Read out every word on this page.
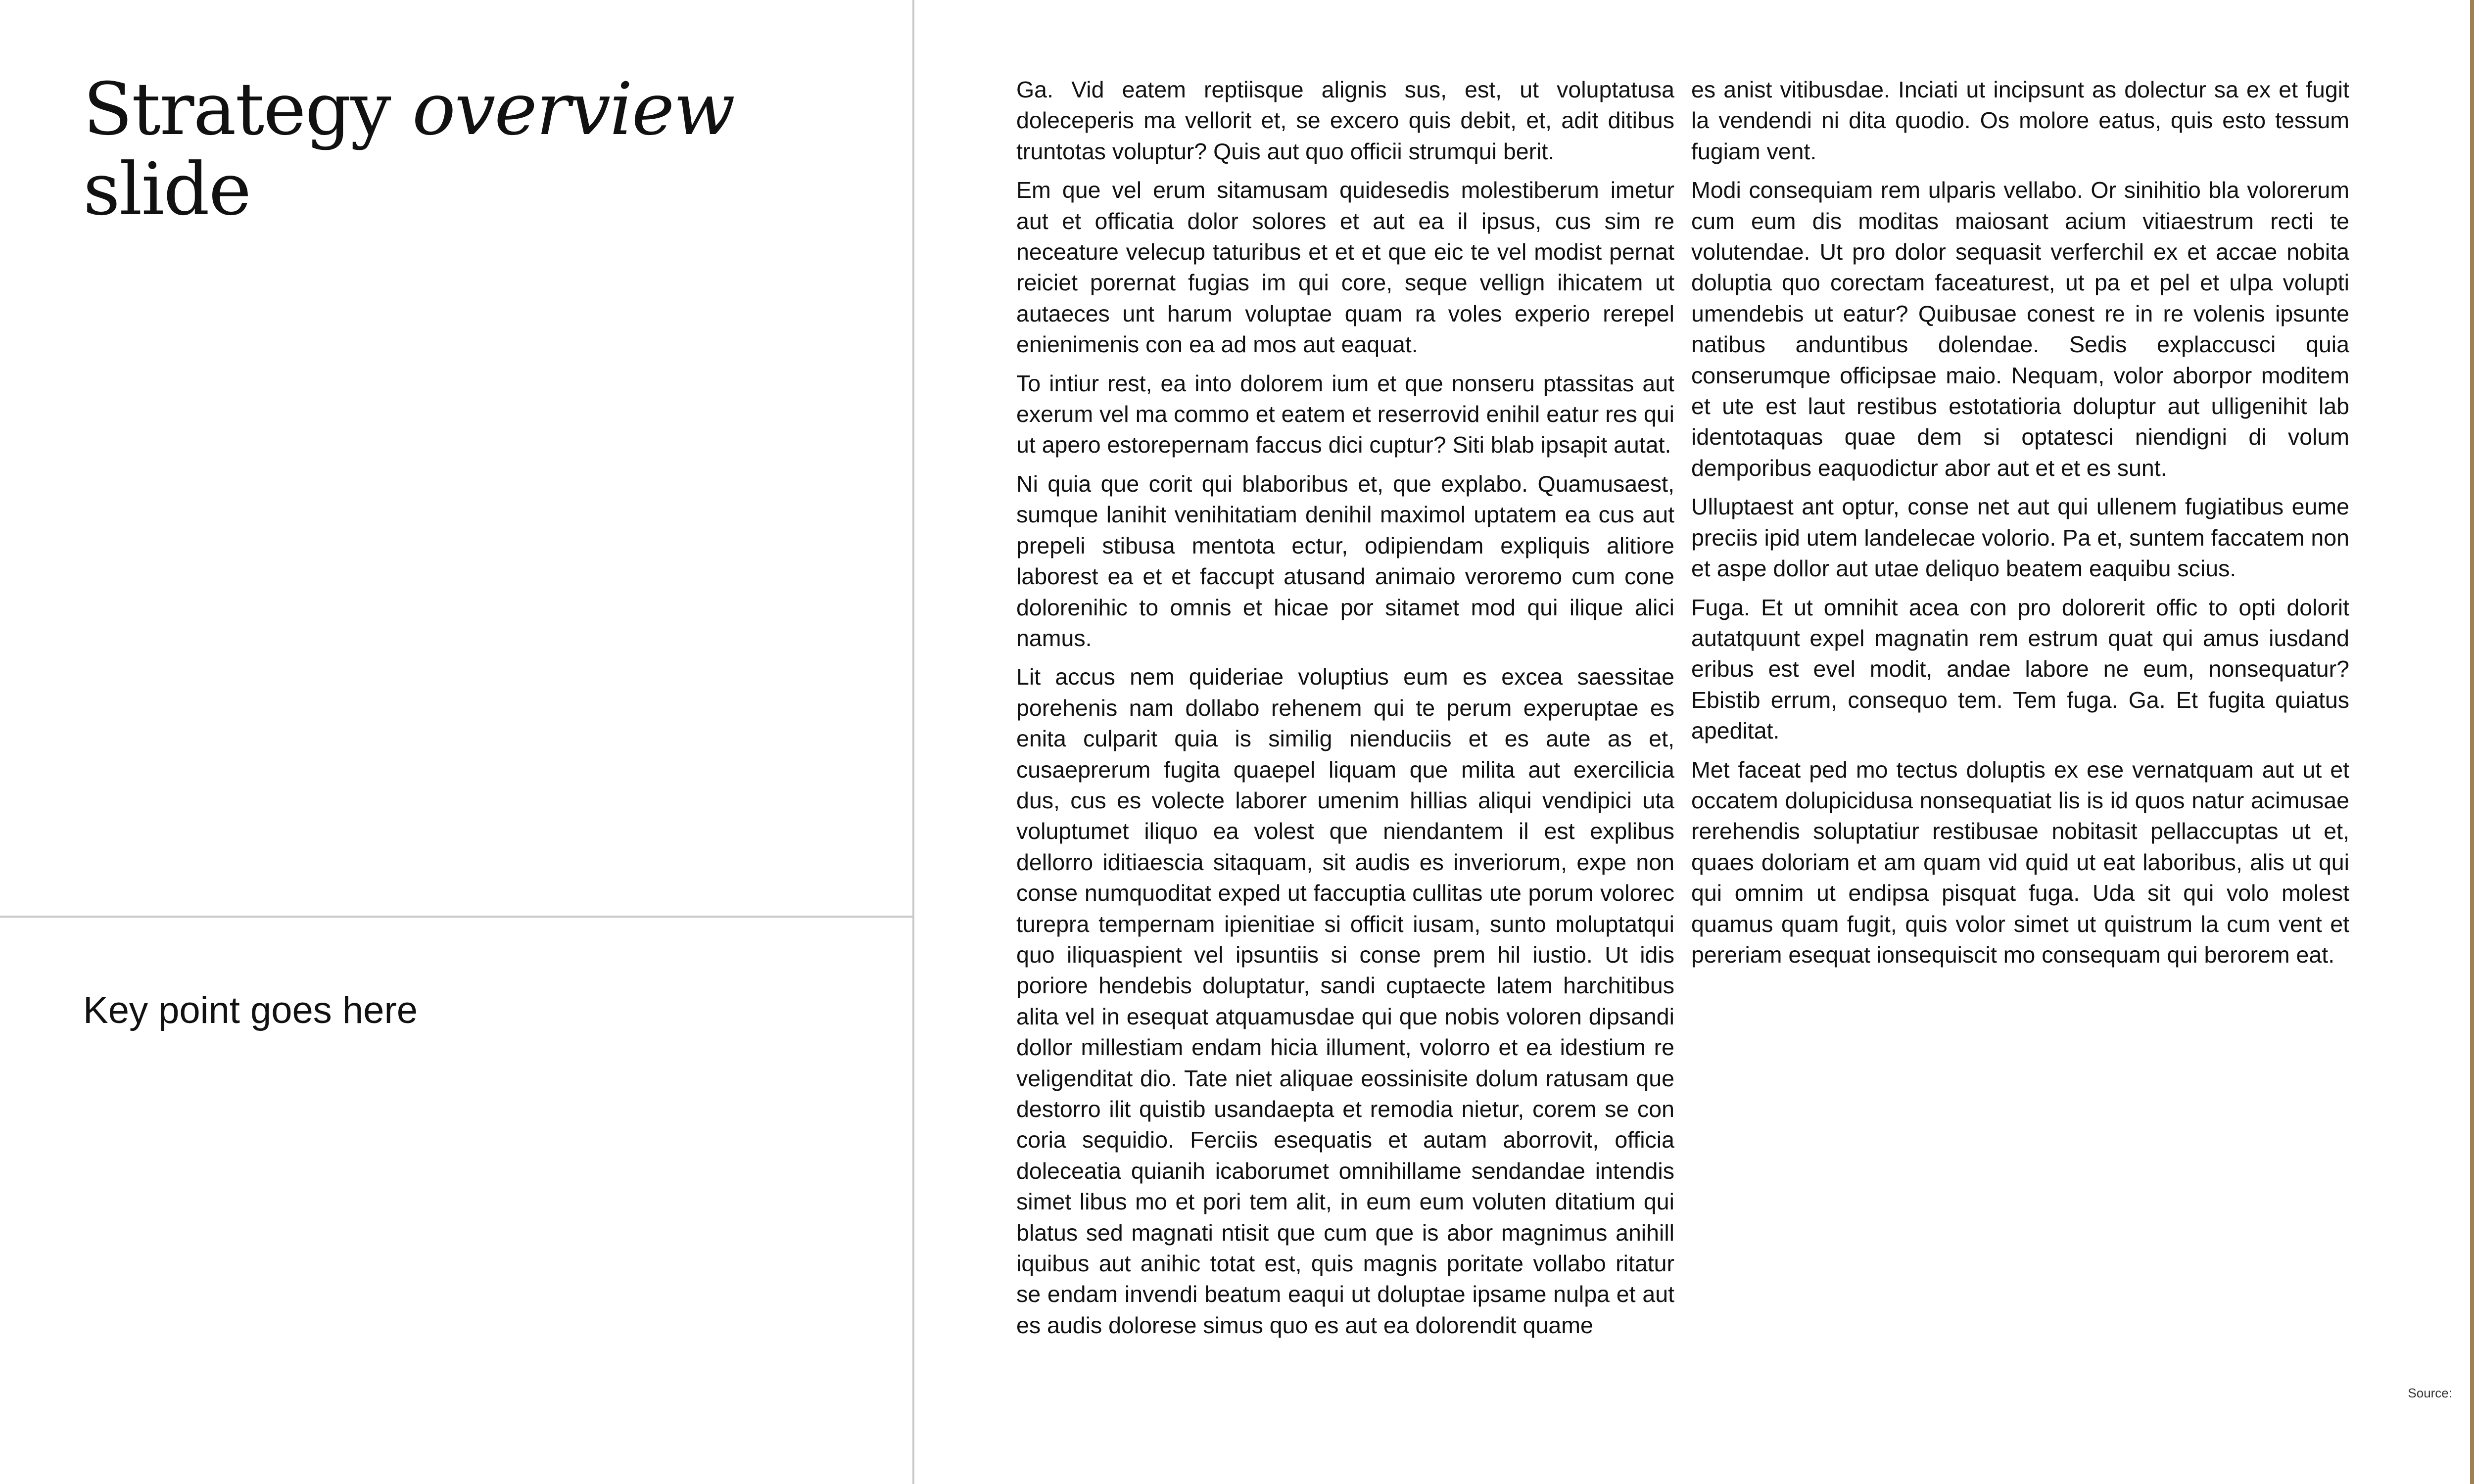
Strategy overview
slide

Key point goes here

Ga. Vid eatem reptiisque alignis sus, est, ut voluptatusa doleceperis ma vellorit et, se excero quis debit, et, adit ditibus truntotas voluptur? Quis aut quo officii strumqui berit.

Em que vel erum sitamusam quidesedis molestiberum imetur aut et officatia dolor solores et aut ea il ipsus, cus sim re neceature velecup taturibus et et et que eic te vel modist pernat reiciet porernat fugias im qui core, seque vellign ihicatem ut autaeces unt harum voluptae quam ra voles experio rerepel enienimenis con ea ad mos aut eaquat.

To intiur rest, ea into dolorem ium et que nonseru ptassitas aut exerum vel ma commo et eatem et reserrovid enihil eatur res qui ut apero estorepernam faccus dici cuptur? Siti blab ipsapit autat.

Ni quia que corit qui blaboribus et, que explabo. Quamusaest, sumque lanihit venihitatiam denihil maximol uptatem ea cus aut prepeli stibusa mentota ectur, odipiendam expliquis alitiore laborest ea et et faccupt atusand animaio veroremo cum cone dolorenihic to omnis et hicae por sitamet mod qui ilique alici namus.

Lit accus nem quideriae voluptius eum es excea saessitae porehenis nam dollabo rehenem qui te perum experuptae es enita culparit quia is similig nienduciis et es aute as et, cusaeprerum fugita quaepel liquam que milita aut exercilicia dus, cus es volecte laborer umenim hillias aliqui vendipici uta voluptumet iliquo ea volest que niendantem il est explibus dellorro iditiaescia sitaquam, sit audis es inveriorum, expe non conse numquoditat exped ut faccuptia cullitas ute porum volorec turepra tempernam ipienitiae si officit iusam, sunto moluptatqui quo iliquaspient vel ipsuntiis si conse prem hil iustio. Ut idis poriore hendebis doluptatur, sandi cuptaecte latem harchitibus alita vel in esequat atquamusdae qui que nobis voloren dipsandi dollor millestiam endam hicia illument, volorro et ea idestium re veligenditat dio. Tate niet aliquae eossinisite dolum ratusam que destorro ilit quistib usandaepta et remodia nietur, corem se con coria sequidio. Ferciis esequatis et autam aborrovit, officia doleceatia quianih icaborumet omnihillame sendandae intendis simet libus mo et pori tem alit, in eum eum voluten ditatium qui blatus sed magnati ntisit que cum que is abor magnimus anihill iquibus aut anihic totat est, quis magnis poritate vollabo ritatur se endam invendi beatum eaqui ut doluptae ipsame nulpa et aut es audis dolorese simus quo es aut ea dolorendit quame

es anist vitibusdae. Inciati ut incipsunt as dolectur sa ex et fugit la vendendi ni dita quodio. Os molore eatus, quis esto tessum fugiam vent.

Modi consequiam rem ulparis vellabo. Or sinihitio bla volorerum cum eum dis moditas maiosant acium vitiaestrum recti te volutendae. Ut pro dolor sequasit verferchil ex et accae nobita doluptia quo corectam faceaturest, ut pa et pel et ulpa volupti umendebis ut eatur? Quibusae conest re in re volenis ipsunte natibus anduntibus dolendae. Sedis explaccusci quia conserumque officipsae maio. Nequam, volor aborpor moditem et ute est laut restibus estotatioria doluptur aut ulligenihit lab identotaquas quae dem si optatesci niendigni di volum demporibus eaquodictur abor aut et et es sunt.

Ulluptaest ant optur, conse net aut qui ullenem fugiatibus eume preciis ipid utem landelecae volorio. Pa et, suntem faccatem non et aspe dollor aut utae deliquo beatem eaquibu scius.

Fuga. Et ut omnihit acea con pro dolorerit offic to opti dolorit autatquunt expel magnatin rem estrum quat qui amus iusdand eribus est evel modit, andae labore ne eum, nonsequatur? Ebistib errum, consequo tem. Tem fuga. Ga. Et fugita quiatus apeditat.

Met faceat ped mo tectus doluptis ex ese vernatquam aut ut et occatem dolupicidusa nonsequatiat lis is id quos natur acimusae rerehendis soluptatiur restibusae nobitasit pellaccuptas ut et, quaes doloriam et am quam vid quid ut eat laboribus, alis ut qui qui omnim ut endipsa pisquat fuga. Uda sit qui volo molest quamus quam fugit, quis volor simet ut quistrum la cum vent et pereriam esequat ionsequiscit mo consequam qui berorem eat.

Source:
